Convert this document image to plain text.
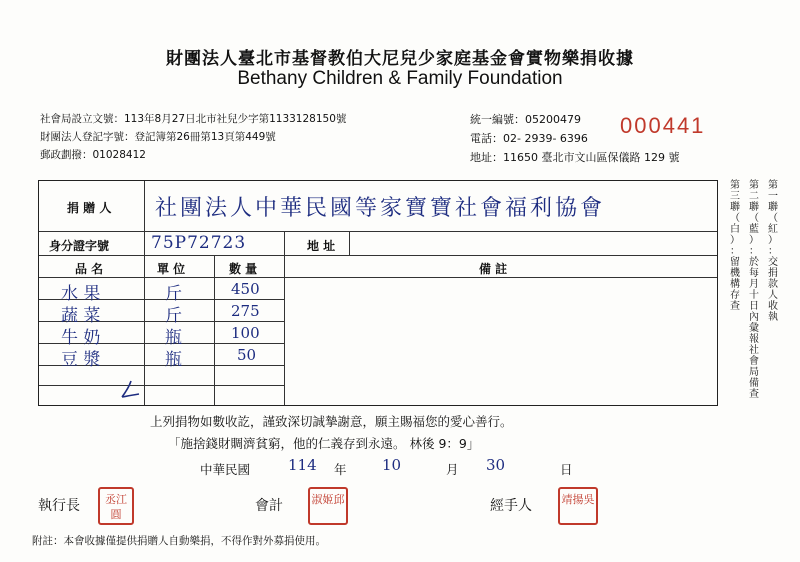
財團法人臺北市基督教伯大尼兒少家庭基金會實物樂捐收據
Bethany Children & Family Foundation
社會局設立文號：113年8月27日北市社兒少字第1133128150號
財團法人登記字號：登記簿第26冊第13頁第449號
郵政劃撥：01028412
統一編號：05200479
電話：02- 2939- 6396
地址：11650 臺北市文山區保儀路 129 號
000441
捐 贈 人 社團法人中華民國等家寶寶社會福利協會
身分證字號 75P72723	地 址
品 名	單 位	數 量	備 註
水 果	斤	450
蔬 菜	斤	275
牛 奶	瓶	100
豆 漿	瓶	50
第
一
聯
（
紅
）
：
交
捐
款
人
收
執
第
二
聯
（
藍
）
：
於
每
月
十
日
內
彙
報
社
會
局
備
查
第
三
聯
（
白
）
：
留
機
構
存
查
上列捐物如數收訖，謹致深切誠摯謝意，願主賜福您的愛心善行。
「施捨錢財賙濟貧窮，他的仁義存到永遠。 林後 9：9」
中華民國	114 年 10	月 30	日
執行長	丞江圓
會計	淑姬邱	經手人	靖揚吳
附註：本會收據僅提供捐贈人自動樂捐，不得作對外募捐使用。
